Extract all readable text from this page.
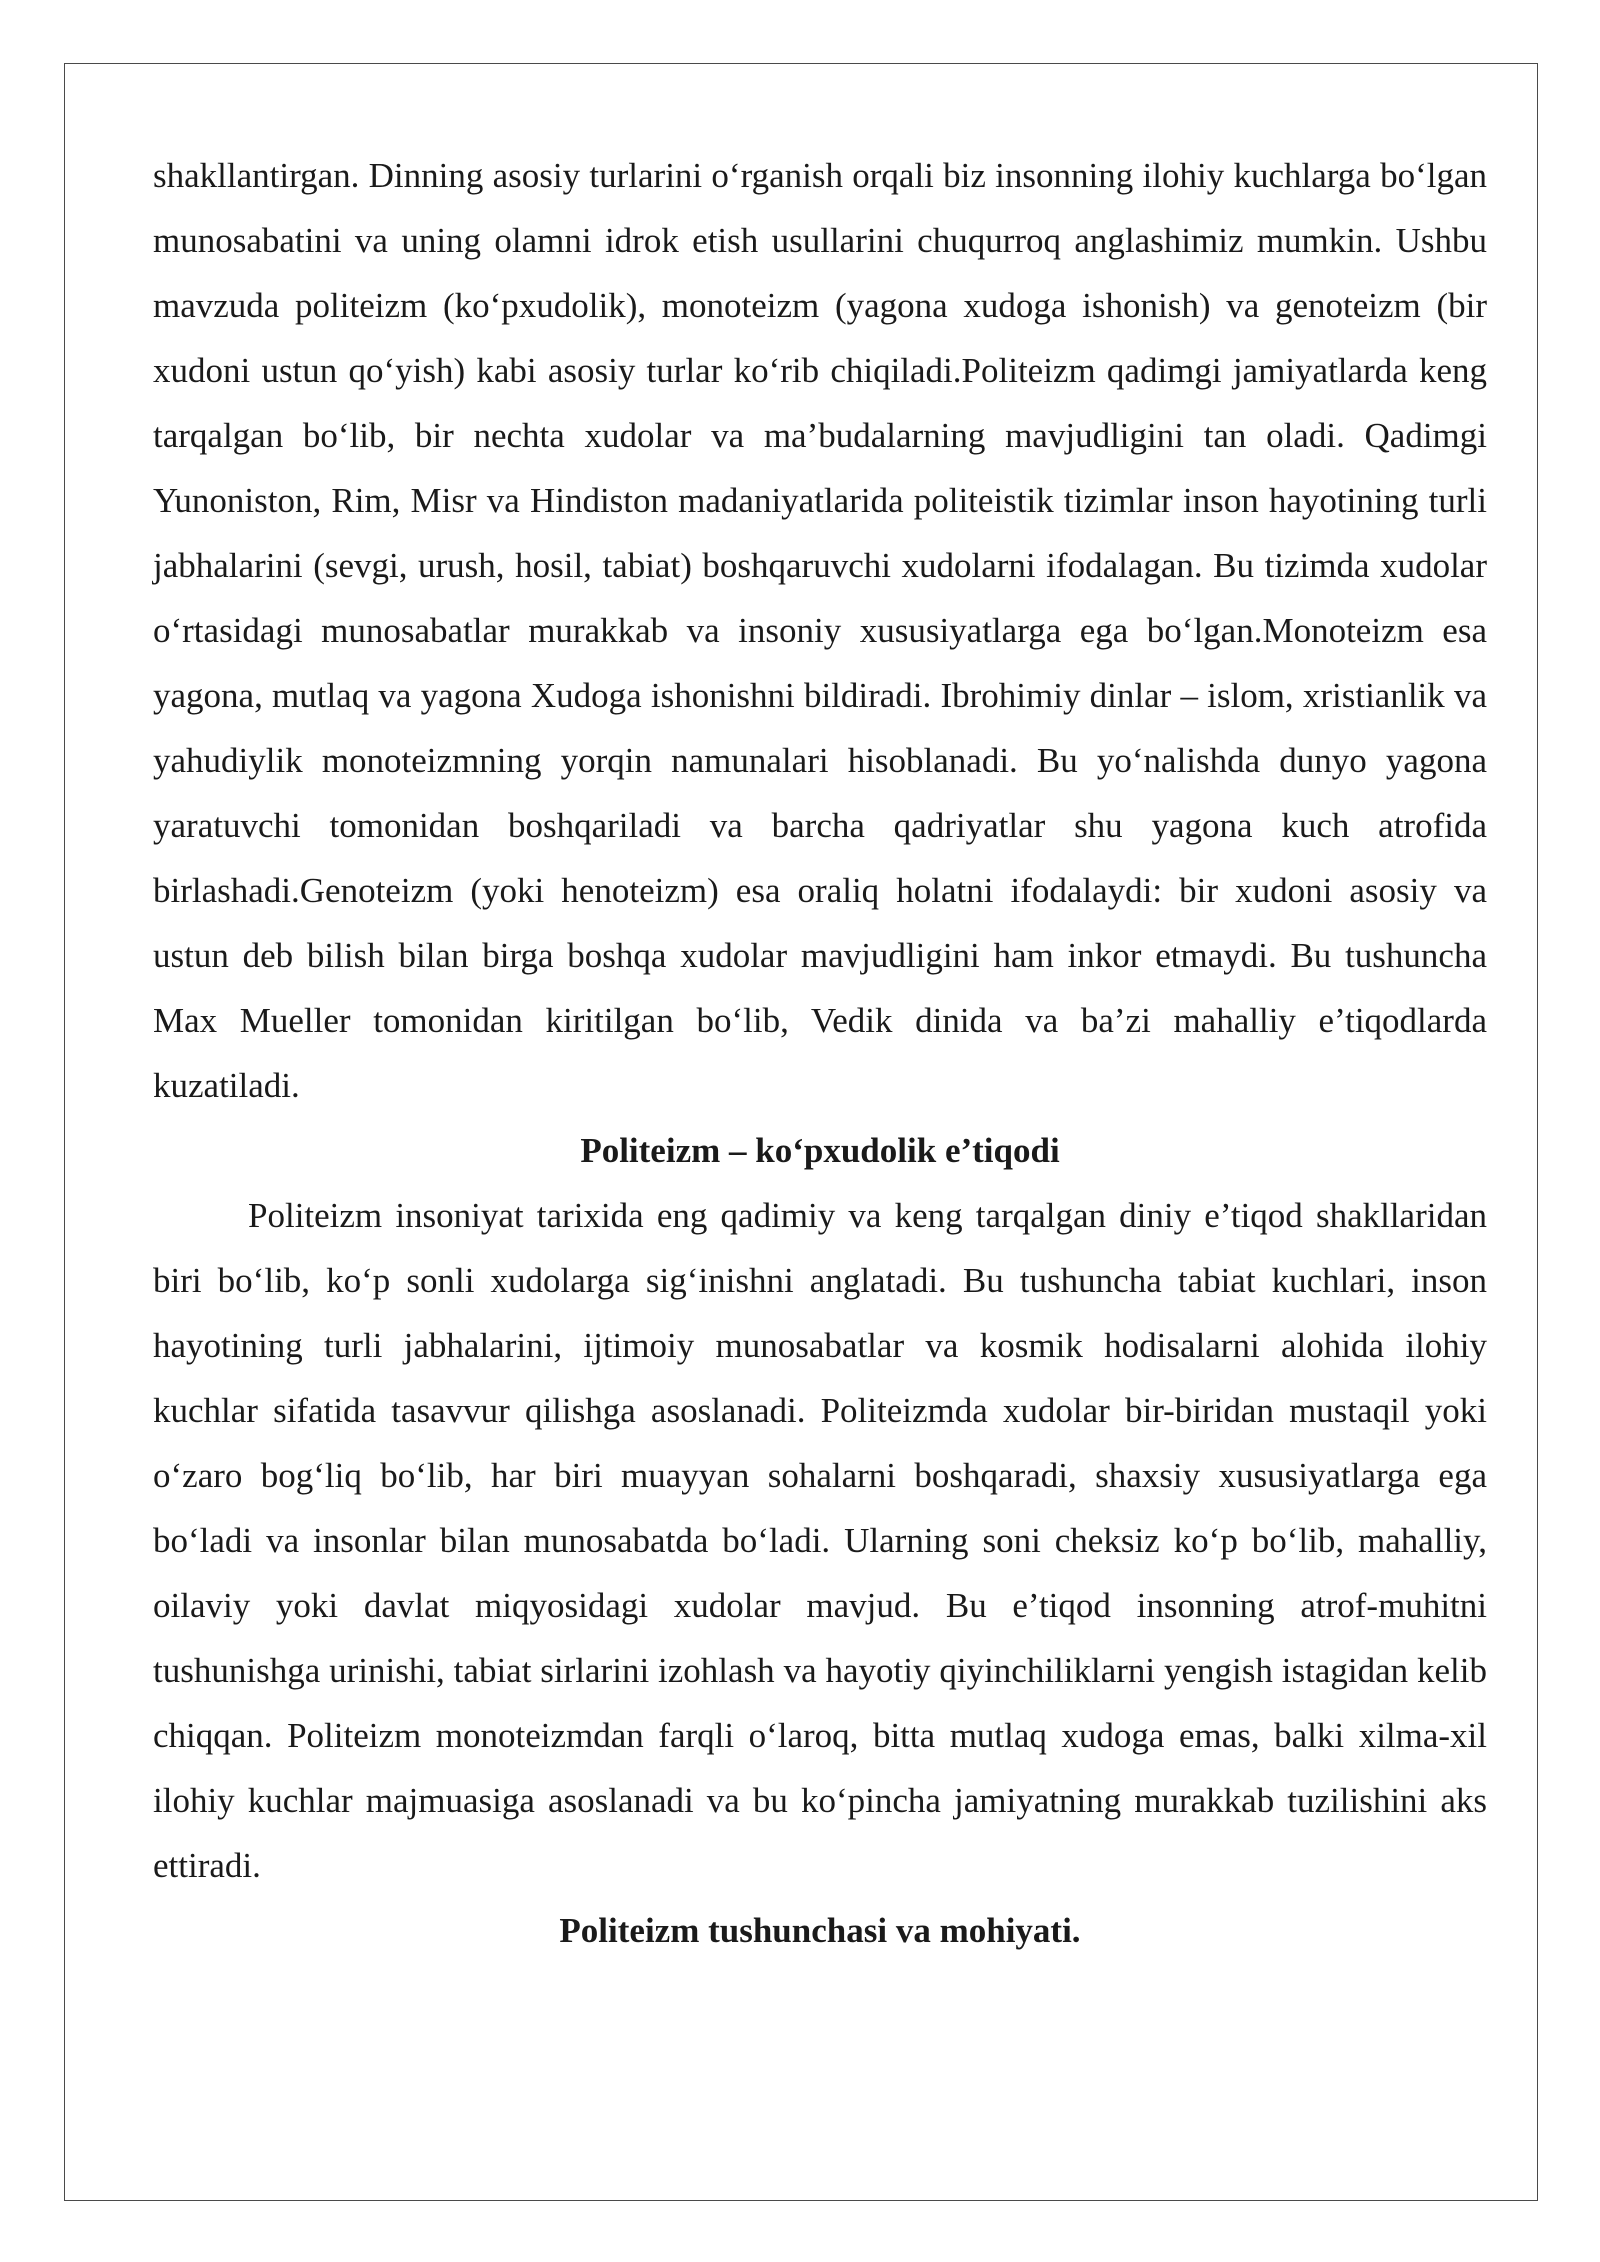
shakllantirgan. Dinning asosiy turlarini o‘rganish orqali biz insonning ilohiy kuchlarga bo‘lgan munosabatini va uning olamni idrok etish usullarini chuqurroq anglashimiz mumkin. Ushbu mavzuda politeizm (ko‘pxudolik), monoteizm (yagona xudoga ishonish) va genoteizm (bir xudoni ustun qo‘yish) kabi asosiy turlar ko‘rib chiqiladi.Politeizm qadimgi jamiyatlarda keng tarqalgan bo‘lib, bir nechta xudolar va ma’budalarning mavjudligini tan oladi. Qadimgi Yunoniston, Rim, Misr va Hindiston madaniyatlarida politeistik tizimlar inson hayotining turli jabhalarini (sevgi, urush, hosil, tabiat) boshqaruvchi xudolarni ifodalagan. Bu tizimda xudolar o‘rtasidagi munosabatlar murakkab va insoniy xususiyatlarga ega bo‘lgan.Monoteizm esa yagona, mutlaq va yagona Xudoga ishonishni bildiradi. Ibrohimiy dinlar – islom, xristianlik va yahudiylik monoteizmning yorqin namunalari hisoblanadi. Bu yo‘nalishda dunyo yagona yaratuvchi tomonidan boshqariladi va barcha qadriyatlar shu yagona kuch atrofida birlashadi.Genoteizm (yoki henoteizm) esa oraliq holatni ifodalaydi: bir xudoni asosiy va ustun deb bilish bilan birga boshqa xudolar mavjudligini ham inkor etmaydi. Bu tushuncha Max Mueller tomonidan kiritilgan bo‘lib, Vedik dinida va ba’zi mahalliy e’tiqodlarda kuzatiladi.

Politeizm – ko‘pxudolik e’tiqodi

Politeizm insoniyat tarixida eng qadimiy va keng tarqalgan diniy e’tiqod shakllaridan biri bo‘lib, ko‘p sonli xudolarga sig‘inishni anglatadi. Bu tushuncha tabiat kuchlari, inson hayotining turli jabhalarini, ijtimoiy munosabatlar va kosmik hodisalarni alohida ilohiy kuchlar sifatida tasavvur qilishga asoslanadi. Politeizmda xudolar bir-biridan mustaqil yoki o‘zaro bog‘liq bo‘lib, har biri muayyan sohalarni boshqaradi, shaxsiy xususiyatlarga ega bo‘ladi va insonlar bilan munosabatda bo‘ladi. Ularning soni cheksiz ko‘p bo‘lib, mahalliy, oilaviy yoki davlat miqyosidagi xudolar mavjud. Bu e’tiqod insonning atrof-muhitni tushunishga urinishi, tabiat sirlarini izohlash va hayotiy qiyinchiliklarni yengish istagidan kelib chiqqan. Politeizm monoteizmdan farqli o‘laroq, bitta mutlaq xudoga emas, balki xilma-xil ilohiy kuchlar majmuasiga asoslanadi va bu ko‘pincha jamiyatning murakkab tuzilishini aks ettiradi.

Politeizm tushunchasi va mohiyati.
